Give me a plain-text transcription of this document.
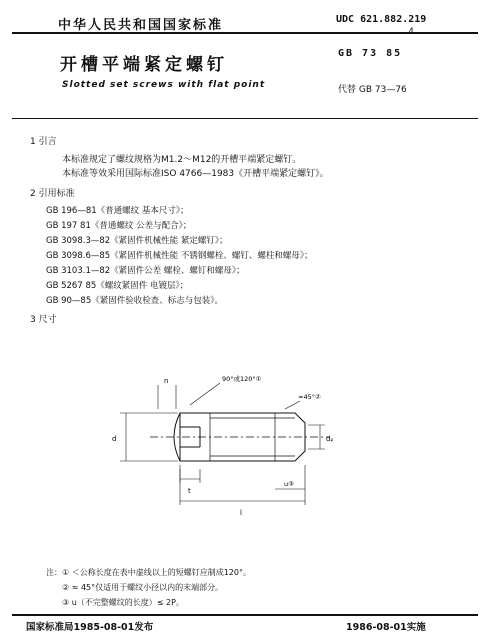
中华人民共和国国家标准	UDC 621.882.219
.4
开槽平端紧定螺钉
GB 73 85
Slotted set screws with flat point	代替 GB 73—76
1 引言
本标准规定了螺纹规格为M1.2～M12的开槽平端紧定螺钉。
本标准等效采用国际标准ISO 4766—1983《开槽平端紧定螺钉》。
2 引用标准
GB 196—81《普通螺纹 基本尺寸》；
GB 197 81《普通螺纹 公差与配合》；
GB 3098.3—82《紧固件机械性能 紧定螺钉》；
GB 3098.6—85《紧固件机械性能 不锈钢螺栓、螺钉、螺柱和螺母》；
GB 3103.1—82《紧固件公差 螺栓、螺钉和螺母》；
GB 5267 85《螺纹紧固件 电镀层》；
GB 90—85《紧固件验收检查、标志与包装》。
3 尺寸
90°或120°①
≈45°②
n
t
d	dₚ
l
u③
注： ① ＜公称长度在表中虚线以上的短螺钉应制成120°。
② ≈ 45°仅适用于螺纹小径以内的末端部分。
③ u（不完整螺纹的长度）≤ 2P。
国家标准局1985-08-01发布	1986-08-01实施
